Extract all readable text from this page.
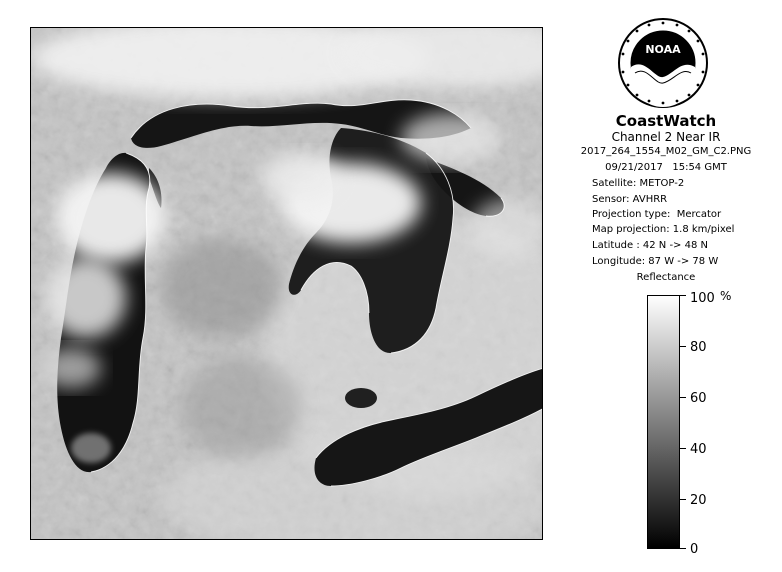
NOAA
CoastWatch
Channel 2 Near IR
2017_264_1554_M02_GM_C2.PNG
09/21/2017   15:54 GMT
Satellite: METOP-2
Sensor: AVHRR
Projection type:  Mercator
Map projection: 1.8 km/pixel
Latitude : 42 N -> 48 N
Longitude: 87 W -> 78 W
Reflectance
%
100
80
60
40
20
0
